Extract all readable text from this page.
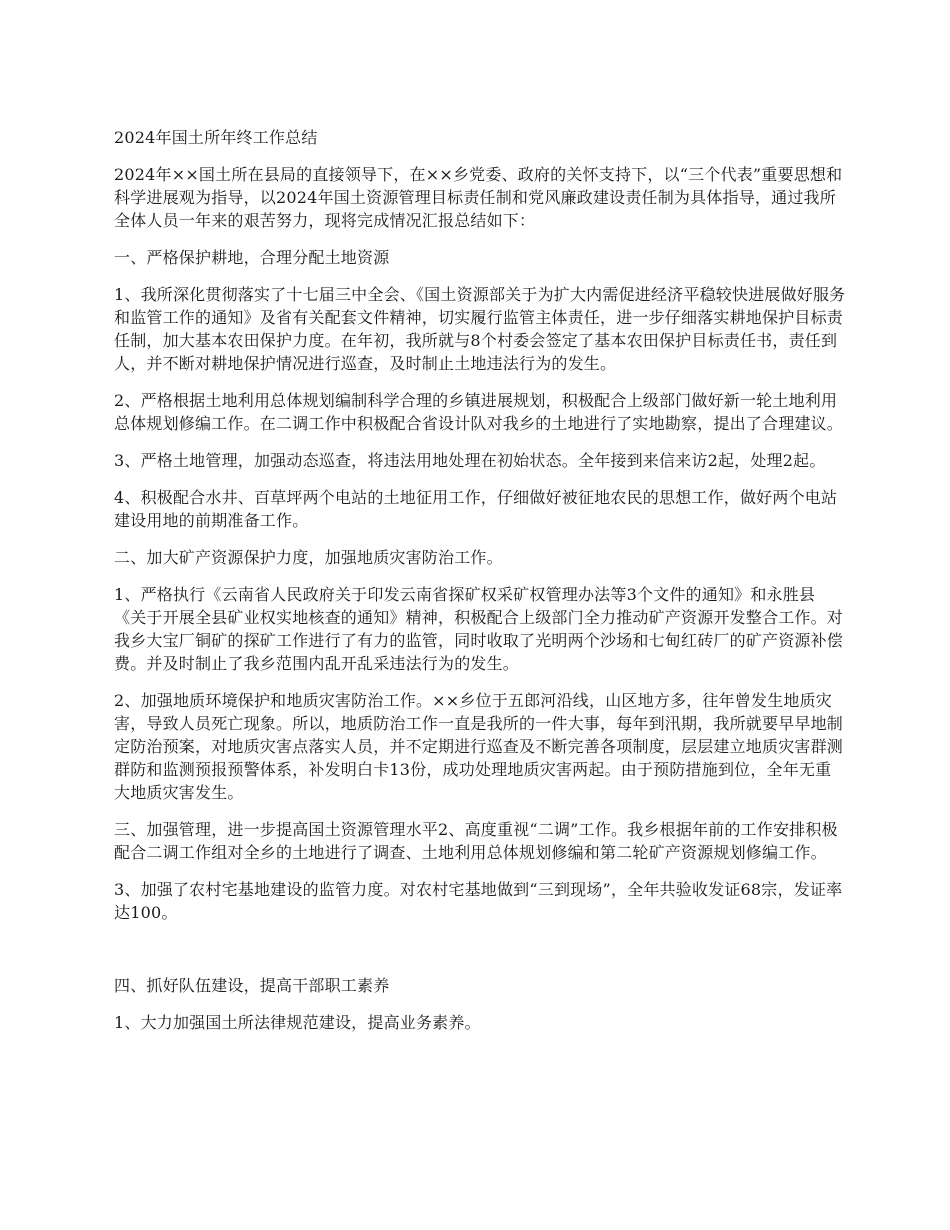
2024年国土所年终工作总结

2024年××国土所在县局的直接领导下，在××乡党委、政府的关怀支持下，以“三个代表”重要思想和科学进展观为指导，以2024年国土资源管理目标责任制和党风廉政建设责任制为具体指导，通过我所全体人员一年来的艰苦努力，现将完成情况汇报总结如下：

一、严格保护耕地，合理分配土地资源

1、我所深化贯彻落实了十七届三中全会、《国土资源部关于为扩大内需促进经济平稳较快进展做好服务和监管工作的通知》及省有关配套文件精神，切实履行监管主体责任，进一步仔细落实耕地保护目标责任制，加大基本农田保护力度。在年初，我所就与8个村委会签定了基本农田保护目标责任书，责任到人，并不断对耕地保护情况进行巡查，及时制止土地违法行为的发生。

2、严格根据土地利用总体规划编制科学合理的乡镇进展规划，积极配合上级部门做好新一轮土地利用总体规划修编工作。在二调工作中积极配合省设计队对我乡的土地进行了实地勘察，提出了合理建议。

3、严格土地管理，加强动态巡查，将违法用地处理在初始状态。全年接到来信来访2起，处理2起。

4、积极配合水井、百草坪两个电站的土地征用工作，仔细做好被征地农民的思想工作，做好两个电站建设用地的前期准备工作。

二、加大矿产资源保护力度，加强地质灾害防治工作。

1、严格执行《云南省人民政府关于印发云南省探矿权采矿权管理办法等3个文件的通知》和永胜县《关于开展全县矿业权实地核查的通知》精神，积极配合上级部门全力推动矿产资源开发整合工作。对我乡大宝厂铜矿的探矿工作进行了有力的监管，同时收取了光明两个沙场和七甸红砖厂的矿产资源补偿费。并及时制止了我乡范围内乱开乱采违法行为的发生。

2、加强地质环境保护和地质灾害防治工作。××乡位于五郎河沿线，山区地方多，往年曾发生地质灾害，导致人员死亡现象。所以，地质防治工作一直是我所的一件大事，每年到汛期，我所就要早早地制定防治预案，对地质灾害点落实人员，并不定期进行巡查及不断完善各项制度，层层建立地质灾害群测群防和监测预报预警体系，补发明白卡13份，成功处理地质灾害两起。由于预防措施到位，全年无重大地质灾害发生。

三、加强管理，进一步提高国土资源管理水平2、高度重视“二调”工作。我乡根据年前的工作安排积极配合二调工作组对全乡的土地进行了调查、土地利用总体规划修编和第二轮矿产资源规划修编工作。

3、加强了农村宅基地建设的监管力度。对农村宅基地做到“三到现场”，全年共验收发证68宗，发证率达100。

四、抓好队伍建设，提高干部职工素养

1、大力加强国土所法律规范建设，提高业务素养。
